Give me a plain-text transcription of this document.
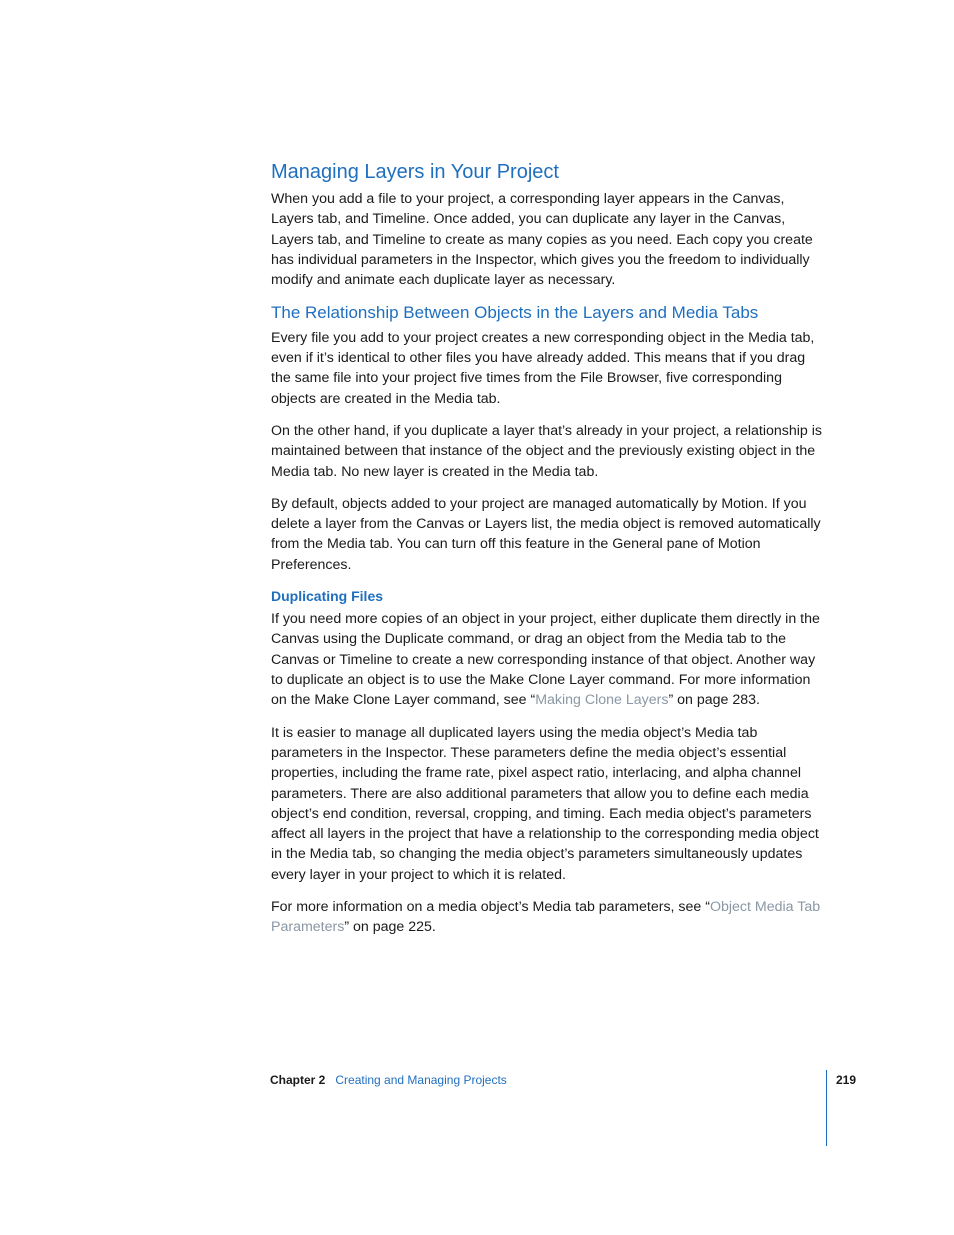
Managing Layers in Your Project

When you add a file to your project, a corresponding layer appears in the Canvas, Layers tab, and Timeline. Once added, you can duplicate any layer in the Canvas, Layers tab, and Timeline to create as many copies as you need. Each copy you create has individual parameters in the Inspector, which gives you the freedom to individually modify and animate each duplicate layer as necessary.

The Relationship Between Objects in the Layers and Media Tabs

Every file you add to your project creates a new corresponding object in the Media tab, even if it’s identical to other files you have already added. This means that if you drag the same file into your project five times from the File Browser, five corresponding objects are created in the Media tab.

On the other hand, if you duplicate a layer that’s already in your project, a relationship is maintained between that instance of the object and the previously existing object in the Media tab. No new layer is created in the Media tab.

By default, objects added to your project are managed automatically by Motion. If you delete a layer from the Canvas or Layers list, the media object is removed automatically from the Media tab. You can turn off this feature in the General pane of Motion Preferences.

Duplicating Files

If you need more copies of an object in your project, either duplicate them directly in the Canvas using the Duplicate command, or drag an object from the Media tab to the Canvas or Timeline to create a new corresponding instance of that object. Another way to duplicate an object is to use the Make Clone Layer command. For more information on the Make Clone Layer command, see “Making Clone Layers” on page 283.

It is easier to manage all duplicated layers using the media object’s Media tab parameters in the Inspector. These parameters define the media object’s essential properties, including the frame rate, pixel aspect ratio, interlacing, and alpha channel parameters. There are also additional parameters that allow you to define each media object’s end condition, reversal, cropping, and timing. Each media object’s parameters affect all layers in the project that have a relationship to the corresponding media object in the Media tab, so changing the media object’s parameters simultaneously updates every layer in your project to which it is related.

For more information on a media object’s Media tab parameters, see “Object Media Tab Parameters” on page 225.

Chapter 2 Creating and Managing Projects	219
